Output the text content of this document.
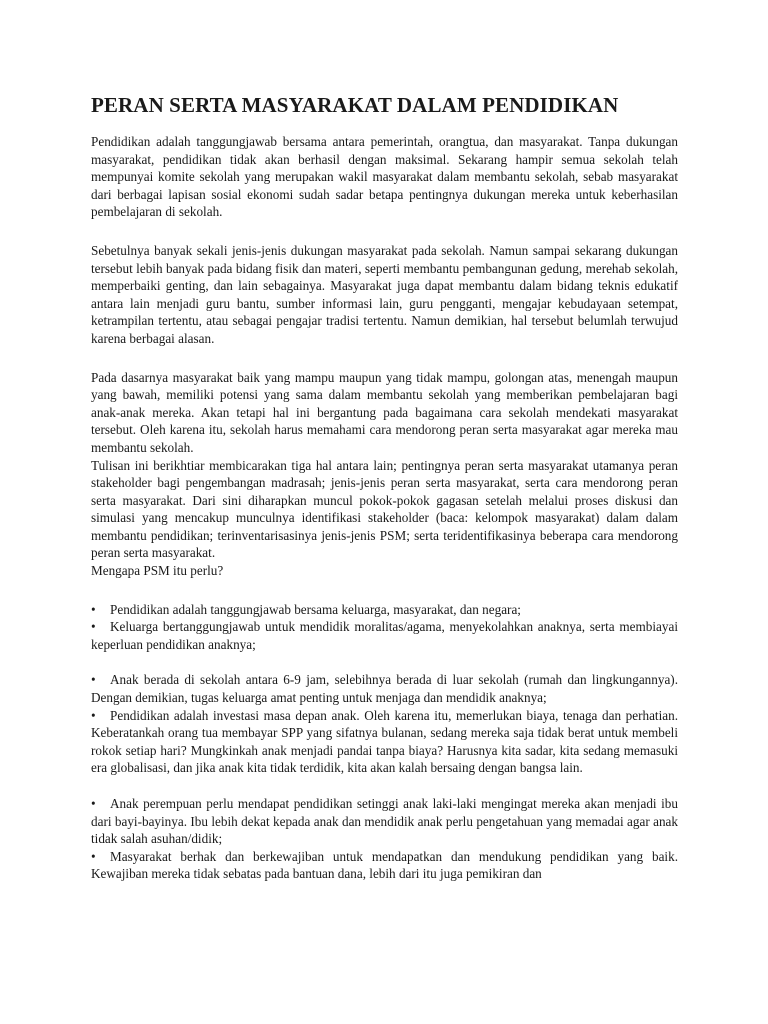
PERAN SERTA MASYARAKAT DALAM PENDIDIKAN

Pendidikan adalah tanggungjawab bersama antara pemerintah, orangtua, dan masyarakat. Tanpa dukungan masyarakat, pendidikan tidak akan berhasil dengan maksimal. Sekarang hampir semua sekolah telah mempunyai komite sekolah yang merupakan wakil masyarakat dalam membantu sekolah, sebab masyarakat dari berbagai lapisan sosial ekonomi sudah sadar betapa pentingnya dukungan mereka untuk keberhasilan pembelajaran di sekolah.

Sebetulnya banyak sekali jenis-jenis dukungan masyarakat pada sekolah. Namun sampai sekarang dukungan tersebut lebih banyak pada bidang fisik dan materi, seperti membantu pembangunan gedung, merehab sekolah, memperbaiki genting, dan lain sebagainya. Masyarakat juga dapat membantu dalam bidang teknis edukatif antara lain menjadi guru bantu, sumber informasi lain, guru pengganti, mengajar kebudayaan setempat, ketrampilan tertentu, atau sebagai pengajar tradisi tertentu. Namun demikian, hal tersebut belumlah terwujud karena berbagai alasan.

Pada dasarnya masyarakat baik yang mampu maupun yang tidak mampu, golongan atas, menengah maupun yang bawah, memiliki potensi yang sama dalam membantu sekolah yang memberikan pembelajaran bagi anak-anak mereka. Akan tetapi hal ini bergantung pada bagaimana cara sekolah mendekati masyarakat tersebut. Oleh karena itu, sekolah harus memahami cara mendorong peran serta masyarakat agar mereka mau membantu sekolah.

Tulisan ini berikhtiar membicarakan tiga hal antara lain; pentingnya peran serta masyarakat utamanya peran stakeholder bagi pengembangan madrasah; jenis-jenis peran serta masyarakat, serta cara mendorong peran serta masyarakat. Dari sini diharapkan muncul pokok-pokok gagasan setelah melalui proses diskusi dan simulasi yang mencakup munculnya identifikasi stakeholder (baca: kelompok masyarakat) dalam dalam membantu pendidikan; terinventarisasinya jenis-jenis PSM; serta teridentifikasinya beberapa cara mendorong peran serta masyarakat.

Mengapa PSM itu perlu?

• Pendidikan adalah tanggungjawab bersama keluarga, masyarakat, dan negara;

• Keluarga bertanggungjawab untuk mendidik moralitas/agama, menyekolahkan anaknya, serta membiayai keperluan pendidikan anaknya;

• Anak berada di sekolah antara 6-9 jam, selebihnya berada di luar sekolah (rumah dan lingkungannya). Dengan demikian, tugas keluarga amat penting untuk menjaga dan mendidik anaknya;

• Pendidikan adalah investasi masa depan anak. Oleh karena itu, memerlukan biaya, tenaga dan perhatian. Keberatankah orang tua membayar SPP yang sifatnya bulanan, sedang mereka saja tidak berat untuk membeli rokok setiap hari? Mungkinkah anak menjadi pandai tanpa biaya? Harusnya kita sadar, kita sedang memasuki era globalisasi, dan jika anak kita tidak terdidik, kita akan kalah bersaing dengan bangsa lain.

• Anak perempuan perlu mendapat pendidikan setinggi anak laki-laki mengingat mereka akan menjadi ibu dari bayi-bayinya. Ibu lebih dekat kepada anak dan mendidik anak perlu pengetahuan yang memadai agar anak tidak salah asuhan/didik;

• Masyarakat berhak dan berkewajiban untuk mendapatkan dan mendukung pendidikan yang baik. Kewajiban mereka tidak sebatas pada bantuan dana, lebih dari itu juga pemikiran dan
